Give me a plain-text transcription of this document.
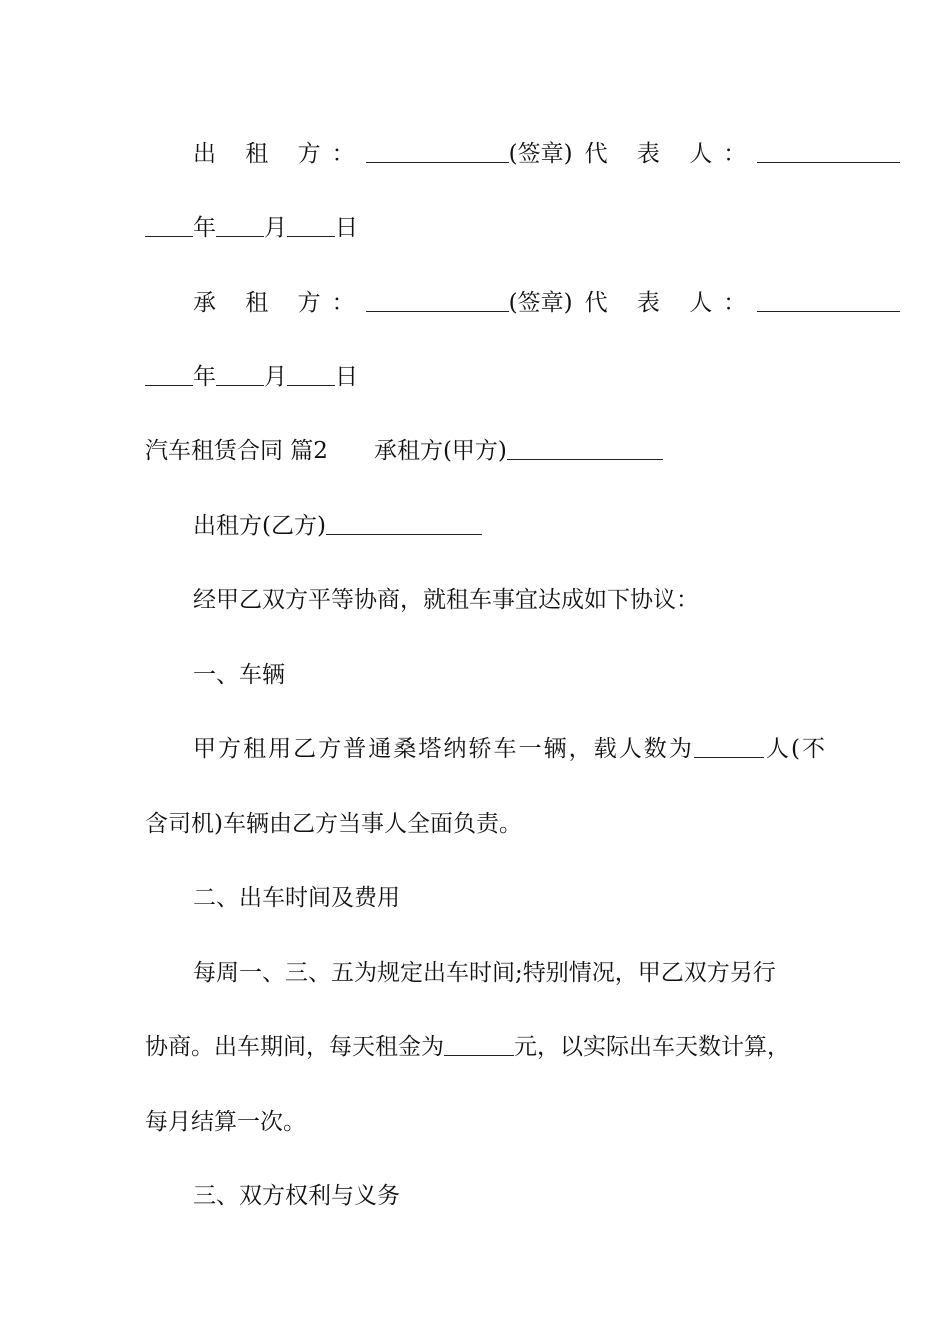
出 租 方：	(签章) 代 表 人：
年 月 日
承 租 方：	(签章) 代 表 人：
年 月 日
汽车租赁合同 篇2 承租方(甲方)
出租方(乙方)
经甲乙双方平等协商，就租车事宜达成如下协议：
一、车辆
甲方租用乙方普通桑塔纳轿车一辆，载人数为	人(不
含司机)车辆由乙方当事人全面负责。
二、出车时间及费用
每周一、三、五为规定出车时间;特别情况，甲乙双方另行
协商。出车期间，每天租金为	元，以实际出车天数计算，
每月结算一次。
三、双方权利与义务
